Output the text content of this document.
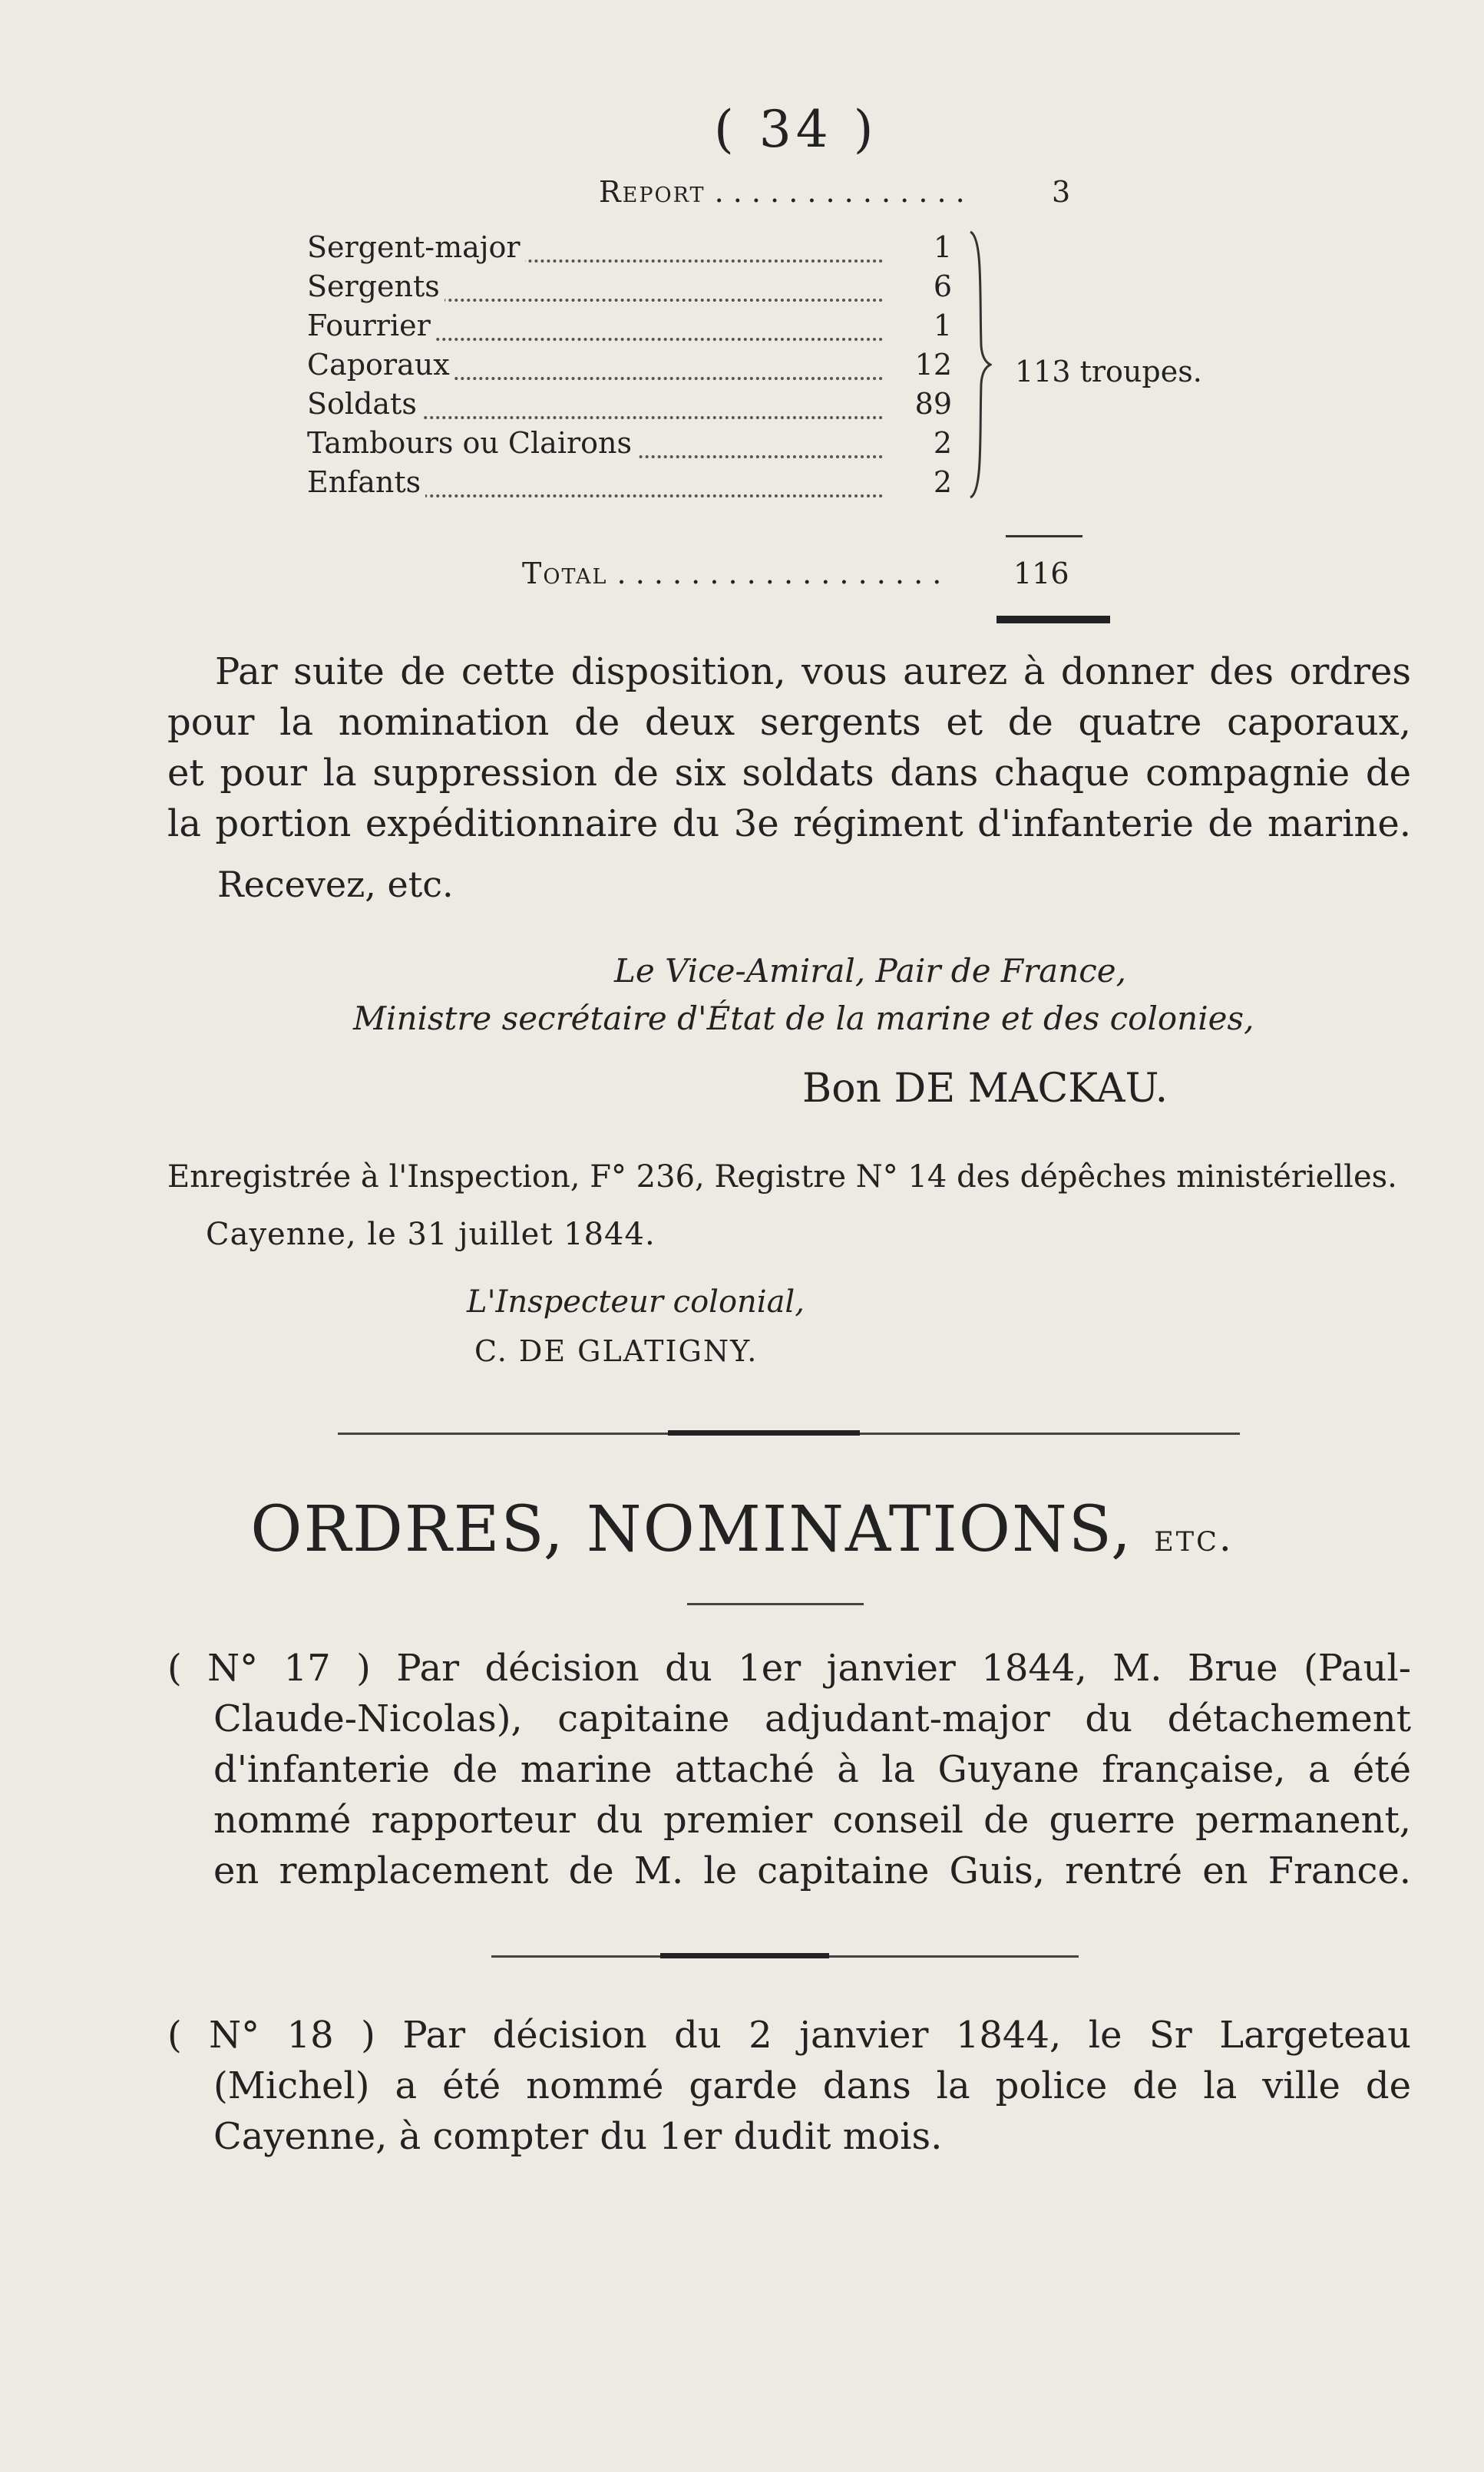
( 34 )
Report . . . . . . . . . . . . . .	3
Sergent-major	1
Sergents	6
Fourrier	1
Caporaux	12
Soldats	89
Tambours ou Clairons	2
Enfants	2
113 troupes.
Total . . . . . . . . . . . . . . . . . . 116
Par suite de cette disposition, vous aurez à donner des ordres
pour la nomination de deux sergents et de quatre caporaux,
et pour la suppression de six soldats dans chaque compagnie de
la portion expéditionnaire du 3e régiment d'infanterie de marine.
Recevez, etc.
Le Vice-Amiral, Pair de France,
Ministre secrétaire d'État de la marine et des colonies,
Bon DE MACKAU.
Enregistrée à l'Inspection, F° 236, Registre N° 14 des dépêches ministérielles.
Cayenne, le 31 juillet 1844.
L'Inspecteur colonial,
C. DE GLATIGNY.
ORDRES, NOMINATIONS, etc.
( N° 17 ) Par décision du 1er janvier 1844, M. Brue (Paul-
Claude-Nicolas), capitaine adjudant-major du détachement
d'infanterie de marine attaché à la Guyane française, a été
nommé rapporteur du premier conseil de guerre permanent,
en remplacement de M. le capitaine Guis, rentré en France.
( N° 18 ) Par décision du 2 janvier 1844, le Sr Largeteau
(Michel) a été nommé garde dans la police de la ville de
Cayenne, à compter du 1er dudit mois.
